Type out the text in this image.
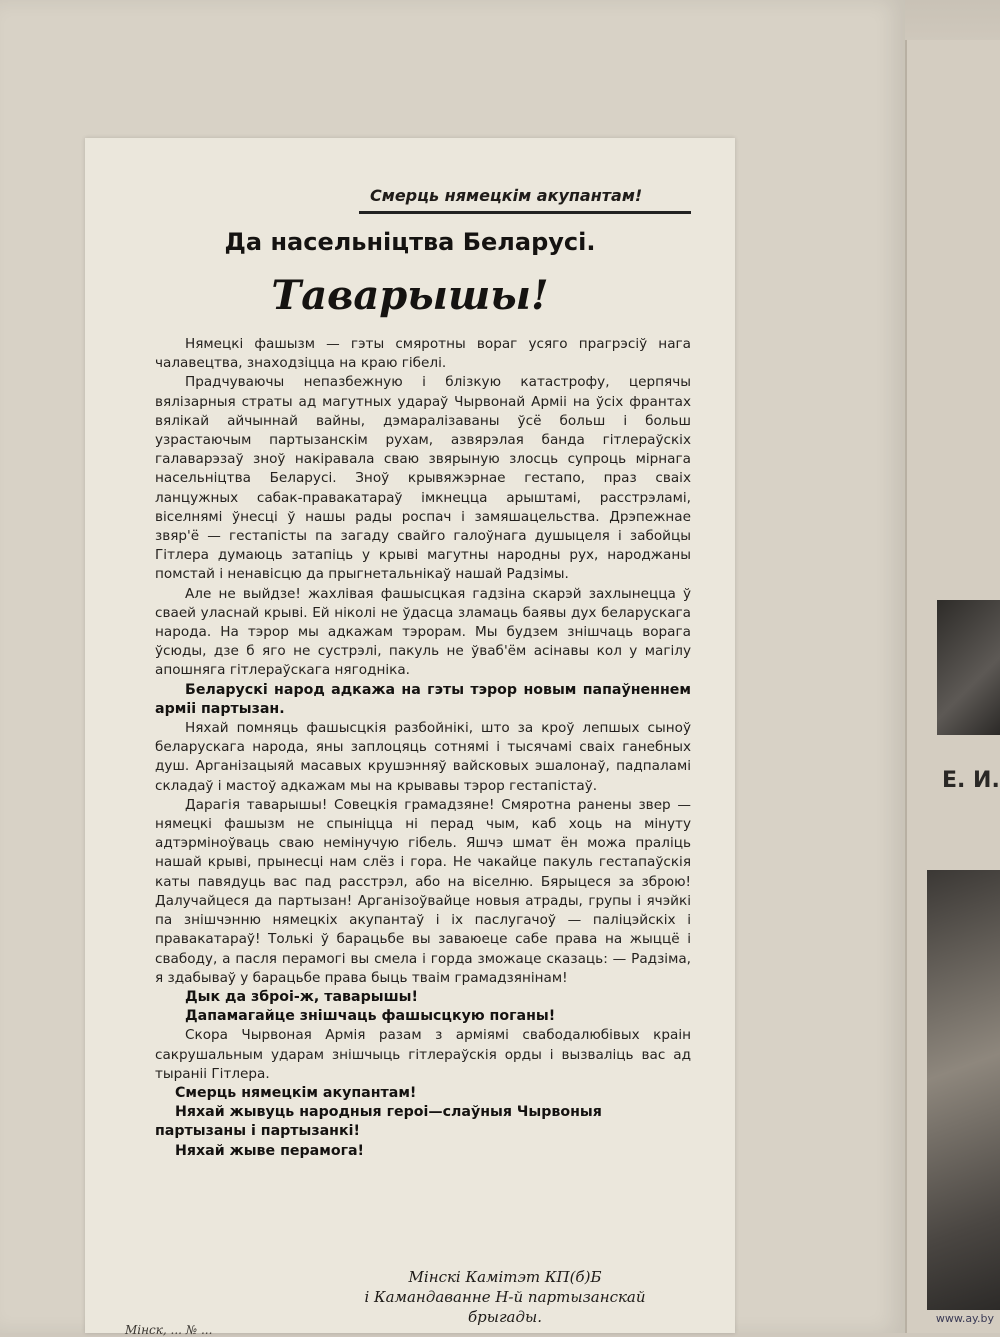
Е. И.
Смерць нямецкім акупантам!
Да насельніцтва Беларусі.
Таварышы!

Нямецкі фашызм — гэты смяротны вораг усяго прагрэсіў нага чалавецтва, знаходзіцца на краю гібелі.

Прадчуваючы непазбежную і блізкую катастрофу, церпячы вялізарныя страты ад магутных удараў Чырвонай Арміі на ўсіх франтах вялікай айчыннай вайны, дэмаралізаваны ўсё больш і больш узрастаючым партызанскім рухам, азвярэлая банда гітлераўскіх галаварэзаў зноў накіравала сваю звярыную злосць супроць мірнага насельніцтва Беларусі. Зноў крывяжэрнае гестапо, праз сваіх ланцужных сабак-правакатараў імкнецца арыштамі, расстрэламі, віселнямі ўнесці ў нашы рады роспач і замяшацельства. Дрэпежнае звяр'ё — гестапісты па загаду свайго галоўнага душыцеля і забойцы Гітлера думаюць затапіць у крыві магутны народны рух, народжаны помстай і ненавісцю да прыгнетальнікаў нашай Радзімы.

Але не выйдзе! жахлівая фашысцкая гадзіна скарэй захлынецца ў сваей уласнай крыві. Ей ніколі не ўдасца зламаць баявы дух беларускага народа. На тэрор мы адкажам тэрорам. Мы будзем знішчаць ворага ўсюды, дзе б яго не сустрэлі, пакуль не ўваб'ём асінавы кол у магілу апошняга гітлераўскага нягодніка.

Беларускі народ адкажа на гэты тэрор новым папаўненнем арміі партызан.

Няхай помняць фашысцкія разбойнікі, што за кроў лепшых сыноў беларускага народа, яны заплоцяць сотнямі і тысячамі сваіх ганебных душ. Арганізацыяй масавых крушэнняў вайсковых эшалонаў, падпаламі складаў і мастоў адкажам мы на крывавы тэрор гестапістаў.

Дарагія таварышы! Совецкія грамадзяне! Смяротна ранены звер — нямецкі фашызм не спыніцца ні перад чым, каб хоць на мінуту адтэрміноўваць сваю немінучую гібель. Яшчэ шмат ён можа праліць нашай крыві, прынесці нам слёз і гора. Не чакайце пакуль гестапаўскія каты павядуць вас пад расстрэл, або на віселню. Бярыцеся за зброю! Далучайцеся да партызан! Арганізоўвайце новыя атрады, групы і ячэйкі па знішчэнню нямецкіх акупантаў і іх паслугачоў — паліцэйскіх і правакатараў! Толькі ў барацьбе вы заваюеце сабе права на жыццё і свабоду, а пасля перамогі вы смела і горда зможаце сказаць: — Радзіма, я здабываў у барацьбе права быць тваім грамадзянінам!

Дык да зброі-ж, таварышы!

Дапамагайце знішчаць фашысцкую поганы!

Скора Чырвоная Армія разам з арміямі свабодалюбівых краін сакрушальным ударам знішчыць гітлераўскія орды і вызваліць вас ад тыраніі Гітлера.

Смерць нямецкім акупантам!

Няхай жывуць народныя героі—слаўныя Чырвоныя партызаны і партызанкі!

Няхай жыве перамога!

Мінскі Камітэт КП(б)Б
і Камандаванне Н-й партызанскай
брыгады.
Мінск, ... № ...
www.ay.by
